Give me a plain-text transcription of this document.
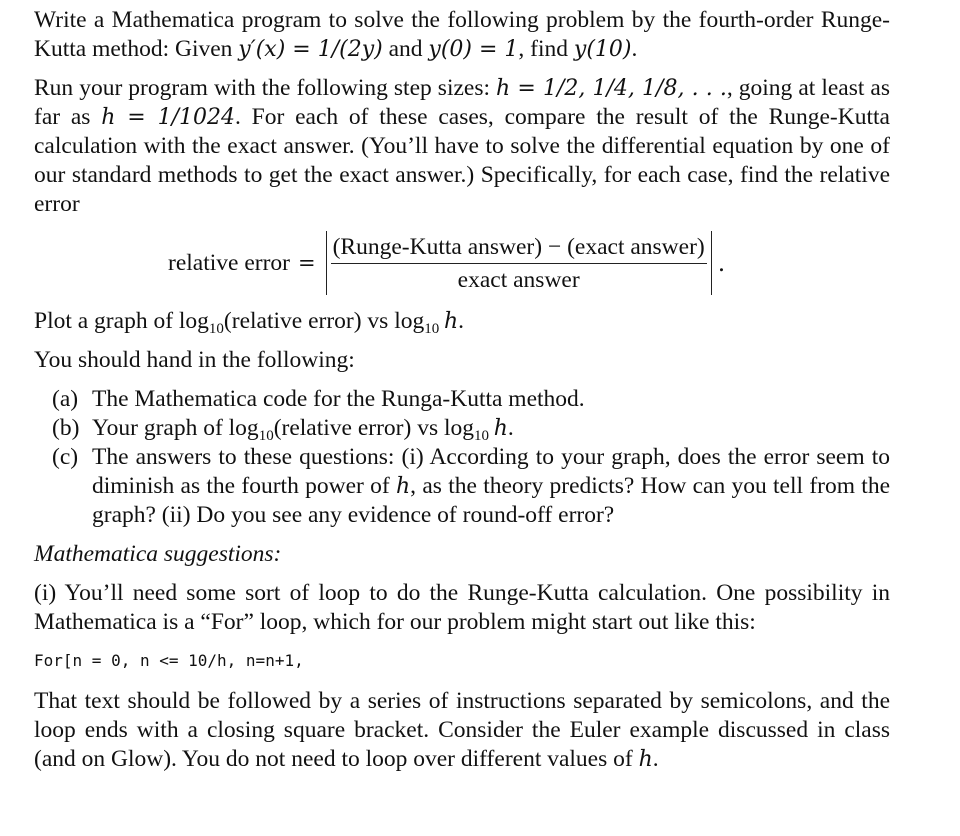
Write a Mathematica program to solve the following problem by the fourth-order Runge-Kutta method: Given y′(x) = 1/(2y) and y(0) = 1, find y(10).

Run your program with the following step sizes: h = 1/2, 1/4, 1/8, . . ., going at least as far as h = 1/1024. For each of these cases, compare the result of the Runge-Kutta calculation with the exact answer. (You’ll have to solve the differential equation by one of our standard methods to get the exact answer.) Specifically, for each case, find the relative error

relative error = $\frac{\text{(Runge-Kutta answer) − (exact answer)}}{\text{exact answer}}$ .

Plot a graph of $\log_{10}(relative$ error) vs $\log_{10} h$.

You should hand in the following:

(a) The Mathematica code for the Runga-Kutta method.
(b) Your graph of $\log_{10}(relative$ error) vs $\log_{10} h$.
(c) The answers to these questions: (i) According to your graph, does the error seem to diminish as the fourth power of h, as the theory predicts? How can you tell from the graph? (ii) Do you see any evidence of round-off error?

Mathematica suggestions:

(i) You’ll need some sort of loop to do the Runge-Kutta calculation. One possibility in Mathematica is a “For” loop, which for our problem might start out like this:

For[n = 0, n <= 10/h, n=n+1,

That text should be followed by a series of instructions separated by semicolons, and the loop ends with a closing square bracket. Consider the Euler example discussed in class (and on Glow). You do not need to loop over different values of h.
